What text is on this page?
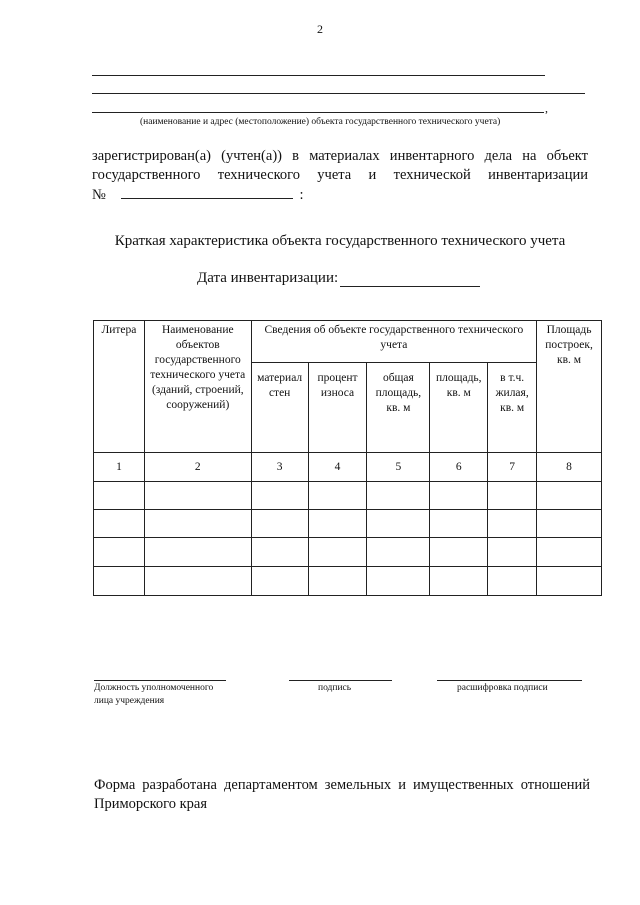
2
,
(наименование и адрес (местоположение) объекта государственного технического учета)
зарегистрирован(а) (учтен(а)) в материалах инвентарного дела на объект государственного технического учета и технической инвентаризации
№	:
Краткая характеристика объекта государственного технического учета
Дата инвентаризации:
Литера	Наименование объектов государственного технического учета (зданий, строений, сооружений)	Сведения об объекте государственного технического учета					Площадь построек, кв. м
		материал стен	процент износа	общая площадь, кв. м	площадь, кв. м	в т.ч. жилая, кв. м	
1	2	3	4	5	6	7	8

Должность уполномоченного
лица учреждения
подпись	расшифровка подписи
Форма разработана департаментом земельных и имущественных отношений
Приморского края
